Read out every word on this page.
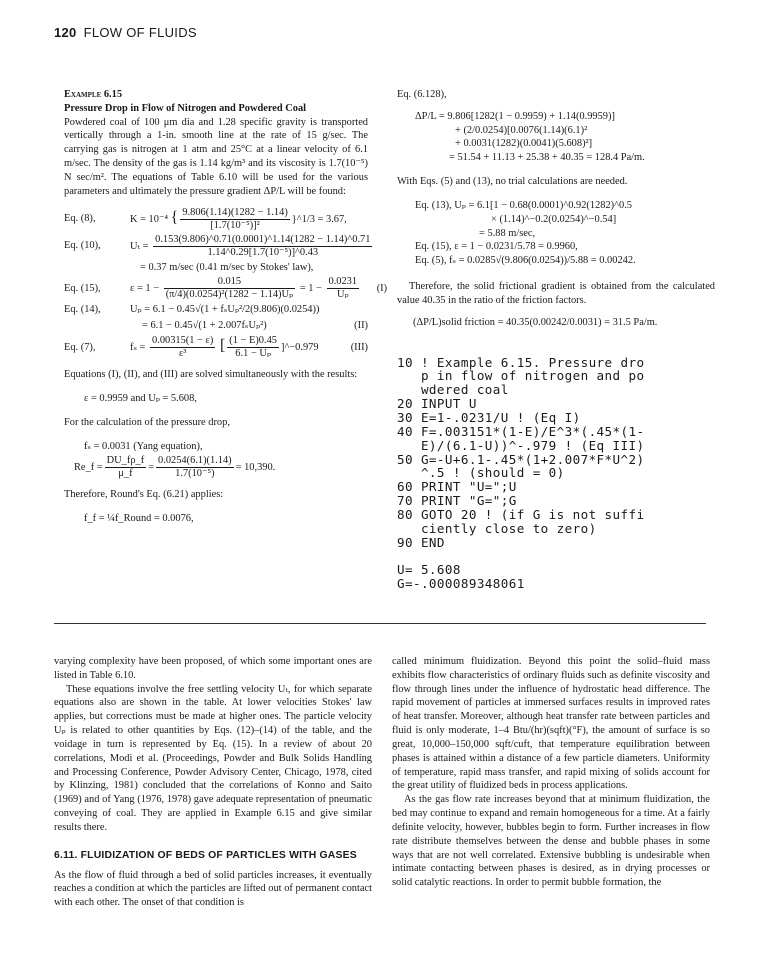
120 FLOW OF FLUIDS
Example 6.15
Pressure Drop in Flow of Nitrogen and Powdered Coal

Powdered coal of 100 μm dia and 1.28 specific gravity is transported vertically through a 1-in. smooth line at the rate of 15 g/sec. The carrying gas is nitrogen at 1 atm and 25°C at a linear velocity of 6.1 m/sec. The density of the gas is 1.14 kg/m³ and its viscosity is 1.7(10⁻⁵) N sec/m². The equations of Table 6.10 will be used for the various parameters and ultimately the pressure gradient ΔP/L will be found:

Eq. (8),	K = 10⁻⁴ { $\frac{9.806(1.14)(1282 - 1.14)}{\text{[1.7(10⁻⁵)]²}}$ }^1/3 = 3.67,
Eq. (10),	$U_t = \frac{0.153(9.806)\^{}0.71(0.0001)\^{}1.14(1282 - 1.14)\^{}0.71}{\text{1.14\textasciicircum{}0.29[1.7(10⁻⁵)]\textasciicircum{}0.43}}$
= 0.37 m/sec (0.41 m/sec by Stokes' law),
Eq. (15),	$\varepsilon = 1 - \frac{0.015}{\text{(π/4)(0.0254)²(1282 − 1.14)Uₚ}} = 1 - \frac{0.0231}{\text{Uₚ}}$	(I)
Eq. (14),	Uₚ = 6.1 − 0.45√(1 + fₛUₚ²/2(9.806)(0.0254))
= 6.1 − 0.45√(1 + 2.007fₛUₚ²)	(II)
Eq. (7),	$f_s = \frac{0.00315(1 - \varepsilon)}{\text{ε³}}$ [ $\frac{(1 - E)0.45}{\text{6.1 − Uₚ}}$ ]^−0.979	(III)

Equations (I), (II), and (III) are solved simultaneously with the results:

ε = 0.9959 and Uₚ = 5.608,

For the calculation of the pressure drop,

fₛ = 0.0031 (Yang equation),
Re_f = $\frac{DU\_f\rho\_f}{\mu\_f} = \frac{0.0254(6.1)(1.14)}{\text{1.7(10⁻⁵)}} = 10,390$.

Therefore, Round's Eq. (6.21) applies:

f_f = ¼f_Round = 0.0076,
Eq. (6.128),
ΔP/L = 9.806[1282(1 − 0.9959) + 1.14(0.9959)]
+ (2/0.0254)[0.0076(1.14)(6.1)²
+ 0.0031(1282)(0.0041)(5.608)²]
= 51.54 + 11.13 + 25.38 + 40.35 = 128.4 Pa/m.

With Eqs. (5) and (13), no trial calculations are needed.

Eq. (13), Uₚ = 6.1[1 − 0.68(0.0001)^0.92(1282)^0.5
× (1.14)^−0.2(0.0254)^−0.54]
= 5.88 m/sec,
Eq. (15), ε = 1 − 0.0231/5.78 = 0.9960,
Eq. (5), fₛ = 0.0285√(9.806(0.0254))/5.88 = 0.00242.

Therefore, the solid frictional gradient is obtained from the calculated value 40.35 in the ratio of the friction factors.

(ΔP/L)solid friction = 40.35(0.00242/0.0031) = 31.5 Pa/m.
10 ! Example 6.15. Pressure dro
p in flow of nitrogen and po
wdered coal
20 INPUT U
30 E=1-.0231/U ! (Eq I)
40 F=.003151*(1-E)/E^3*(.45*(1-
E)/(6.1-U))^-.979 ! (Eq III)
50 G=-U+6.1-.45*(1+2.007*F*U^2)
^.5 ! (should = 0)
60 PRINT "U=";U
70 PRINT "G=";G
80 GOTO 20 ! (if G is not suffi
ciently close to zero)
90 END
U= 5.608
G=-.000089348061

varying complexity have been proposed, of which some important ones are listed in Table 6.10.

These equations involve the free settling velocity Uₜ, for which separate equations also are shown in the table. At lower velocities Stokes' law applies, but corrections must be made at higher ones. The particle velocity Uₚ is related to other quantities by Eqs. (12)–(14) of the table, and the voidage in turn is represented by Eq. (15). In a review of about 20 correlations, Modi et al. (Proceedings, Powder and Bulk Solids Handling and Processing Conference, Powder Advisory Center, Chicago, 1978, cited by Klinzing, 1981) concluded that the correlations of Konno and Saito (1969) and of Yang (1976, 1978) gave adequate representation of pneumatic conveying of coal. They are applied in Example 6.15 and give similar results there.

6.11. FLUIDIZATION OF BEDS OF PARTICLES WITH GASES

As the flow of fluid through a bed of solid particles increases, it eventually reaches a condition at which the particles are lifted out of permanent contact with each other. The onset of that condition is

called minimum fluidization. Beyond this point the solid–fluid mass exhibits flow characteristics of ordinary fluids such as definite viscosity and flow through lines under the influence of hydrostatic head difference. The rapid movement of particles at immersed surfaces results in improved rates of heat transfer. Moreover, although heat transfer rate between particles and fluid is only moderate, 1–4 Btu/(hr)(sqft)(°F), the amount of surface is so great, 10,000–150,000 sqft/cuft, that temperature equilibration between phases is attained within a distance of a few particle diameters. Uniformity of temperature, rapid mass transfer, and rapid mixing of solids account for the great utility of fluidized beds in process applications.

As the gas flow rate increases beyond that at minimum fluidization, the bed may continue to expand and remain homogeneous for a time. At a fairly definite velocity, however, bubbles begin to form. Further increases in flow rate distribute themselves between the dense and bubble phases in some ways that are not well correlated. Extensive bubbling is undesirable when intimate contacting between phases is desired, as in drying processes or solid catalytic reactions. In order to permit bubble formation, the
